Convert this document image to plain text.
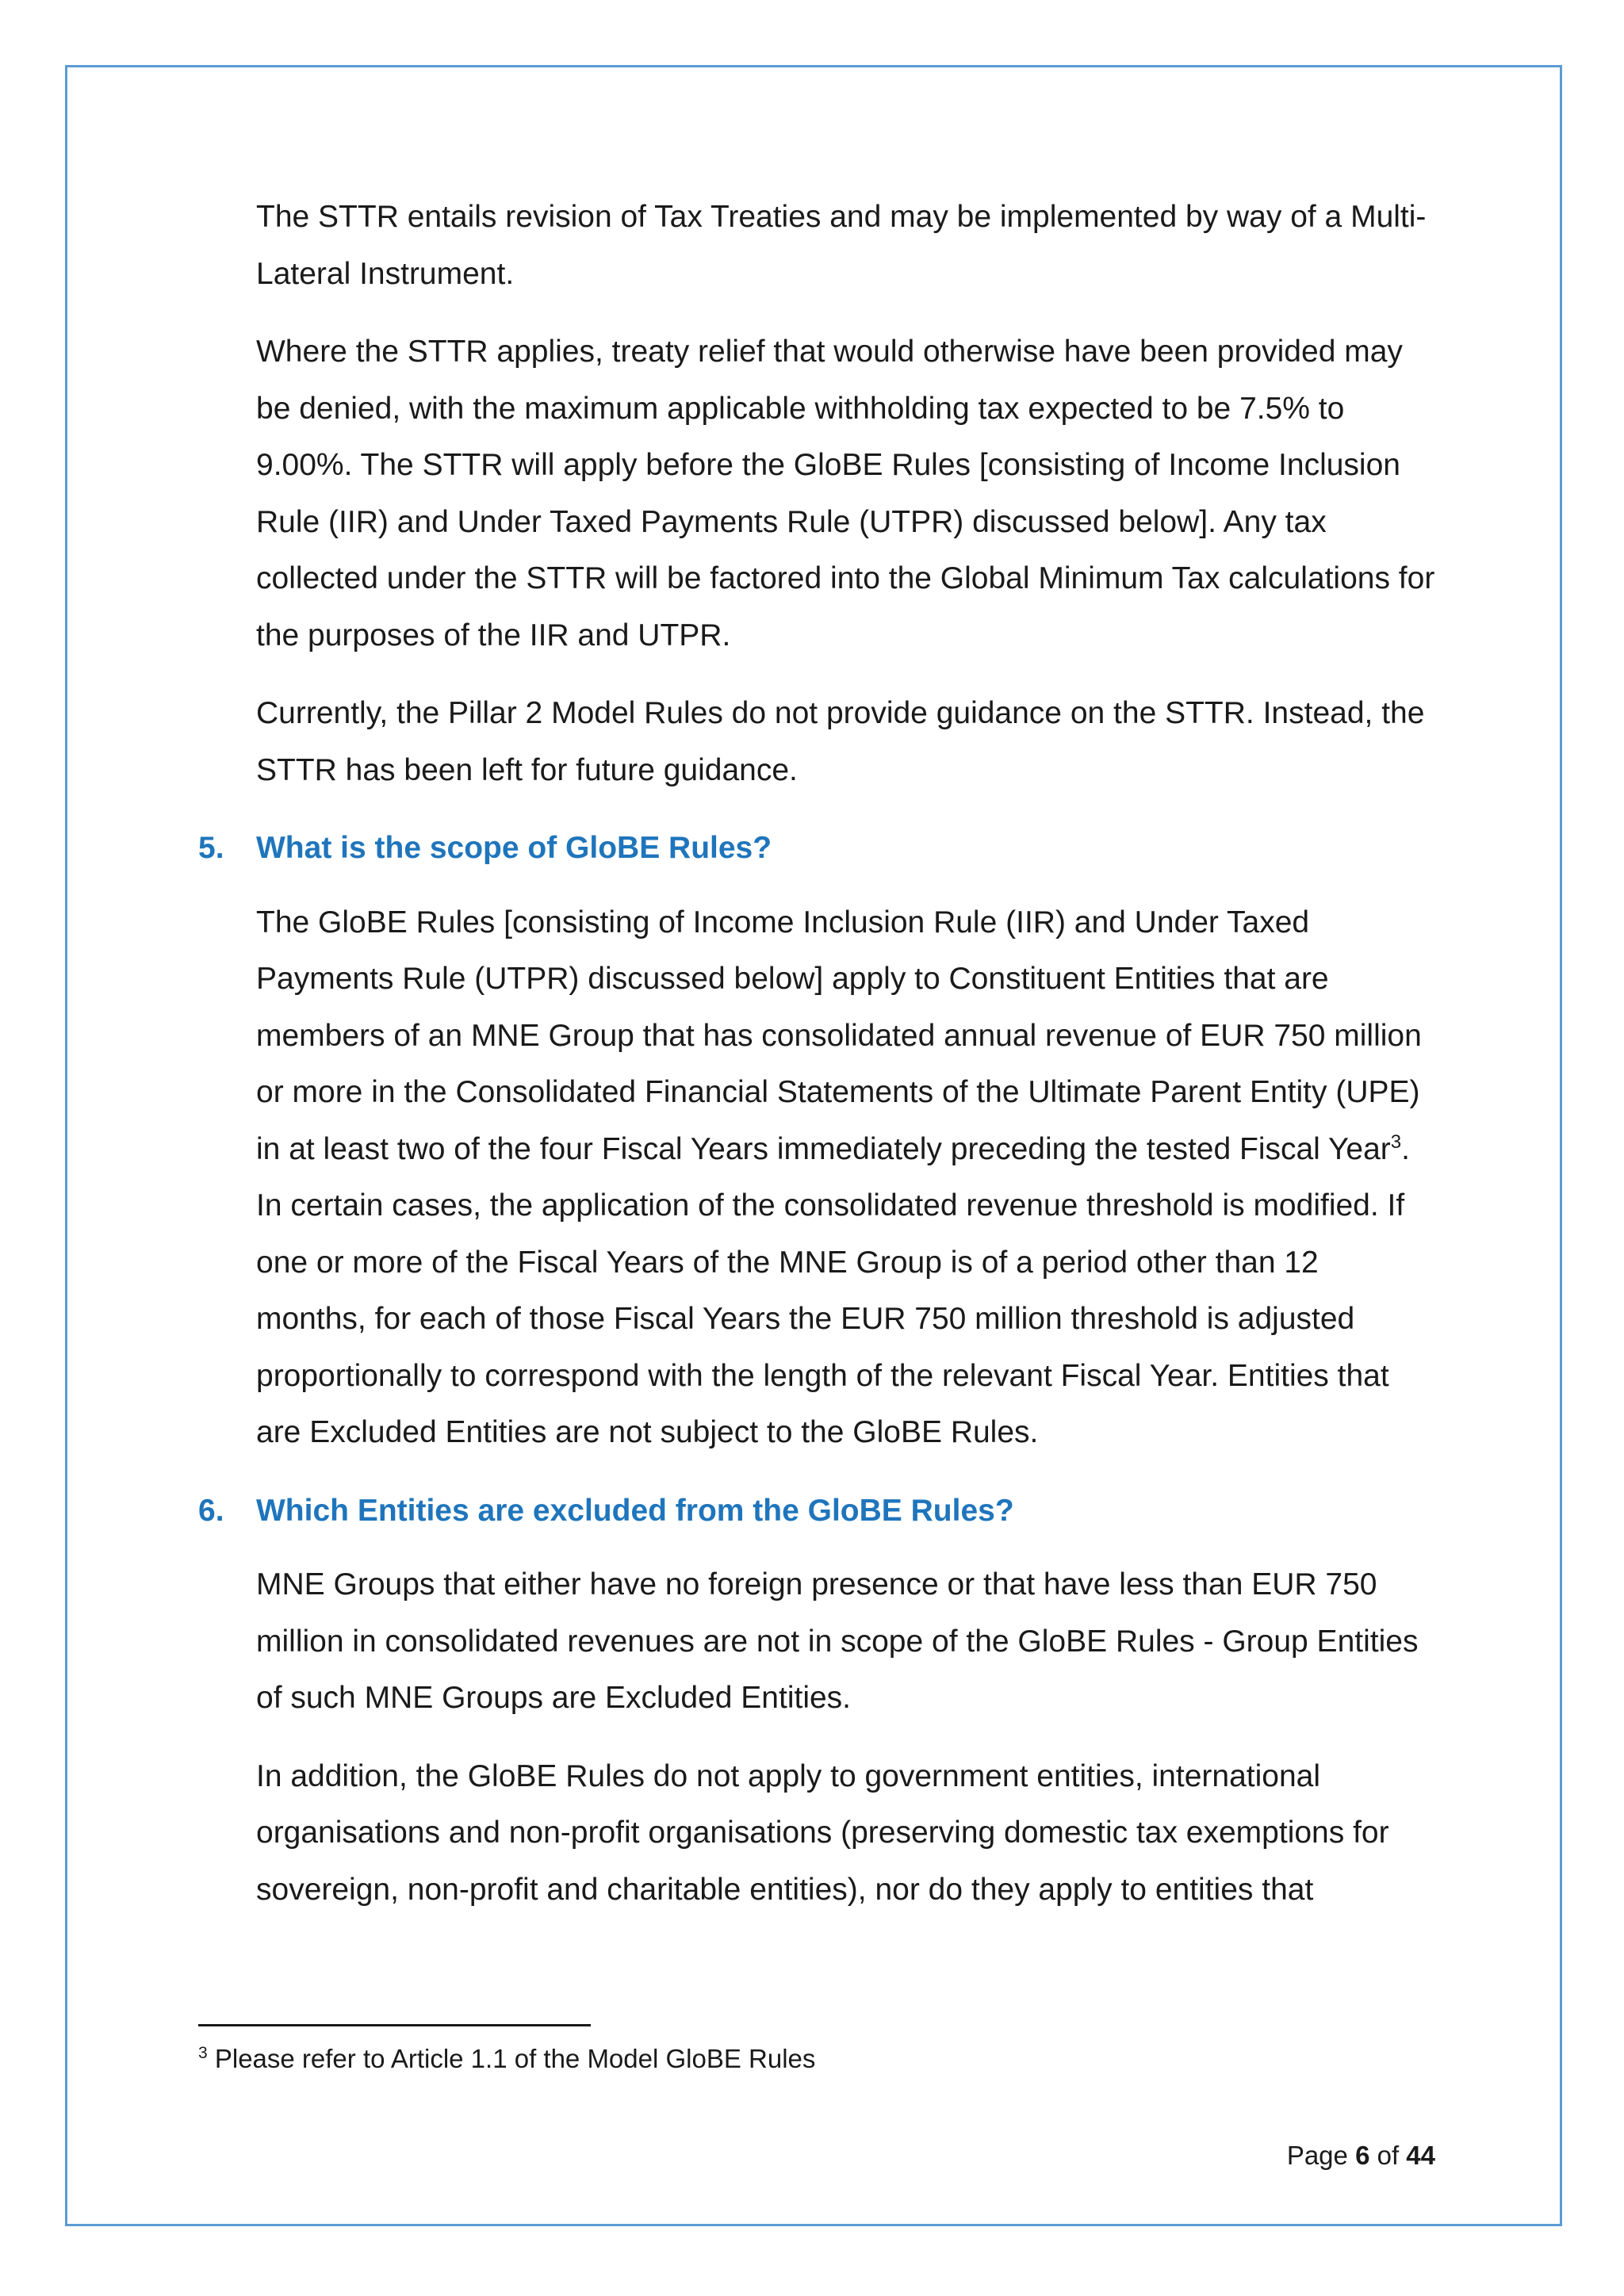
The STTR entails revision of Tax Treaties and may be implemented by way of a Multi-Lateral Instrument.

Where the STTR applies, treaty relief that would otherwise have been provided may be denied, with the maximum applicable withholding tax expected to be 7.5% to 9.00%. The STTR will apply before the GloBE Rules [consisting of Income Inclusion Rule (IIR) and Under Taxed Payments Rule (UTPR) discussed below]. Any tax collected under the STTR will be factored into the Global Minimum Tax calculations for the purposes of the IIR and UTPR.

Currently, the Pillar 2 Model Rules do not provide guidance on the STTR. Instead, the STTR has been left for future guidance.

5.	What is the scope of GloBE Rules?

The GloBE Rules [consisting of Income Inclusion Rule (IIR) and Under Taxed Payments Rule (UTPR) discussed below] apply to Constituent Entities that are members of an MNE Group that has consolidated annual revenue of EUR 750 million or more in the Consolidated Financial Statements of the Ultimate Parent Entity (UPE) in at least two of the four Fiscal Years immediately preceding the tested Fiscal Year$^3$. In certain cases, the application of the consolidated revenue threshold is modified. If one or more of the Fiscal Years of the MNE Group is of a period other than 12 months, for each of those Fiscal Years the EUR 750 million threshold is adjusted proportionally to correspond with the length of the relevant Fiscal Year. Entities that are Excluded Entities are not subject to the GloBE Rules.

6.	Which Entities are excluded from the GloBE Rules?

MNE Groups that either have no foreign presence or that have less than EUR 750 million in consolidated revenues are not in scope of the GloBE Rules - Group Entities of such MNE Groups are Excluded Entities.

In addition, the GloBE Rules do not apply to government entities, international organisations and non-profit organisations (preserving domestic tax exemptions for sovereign, non-profit and charitable entities), nor do they apply to entities that

$^3$ Please refer to Article 1.1 of the Model GloBE Rules
Page 6 of 44
